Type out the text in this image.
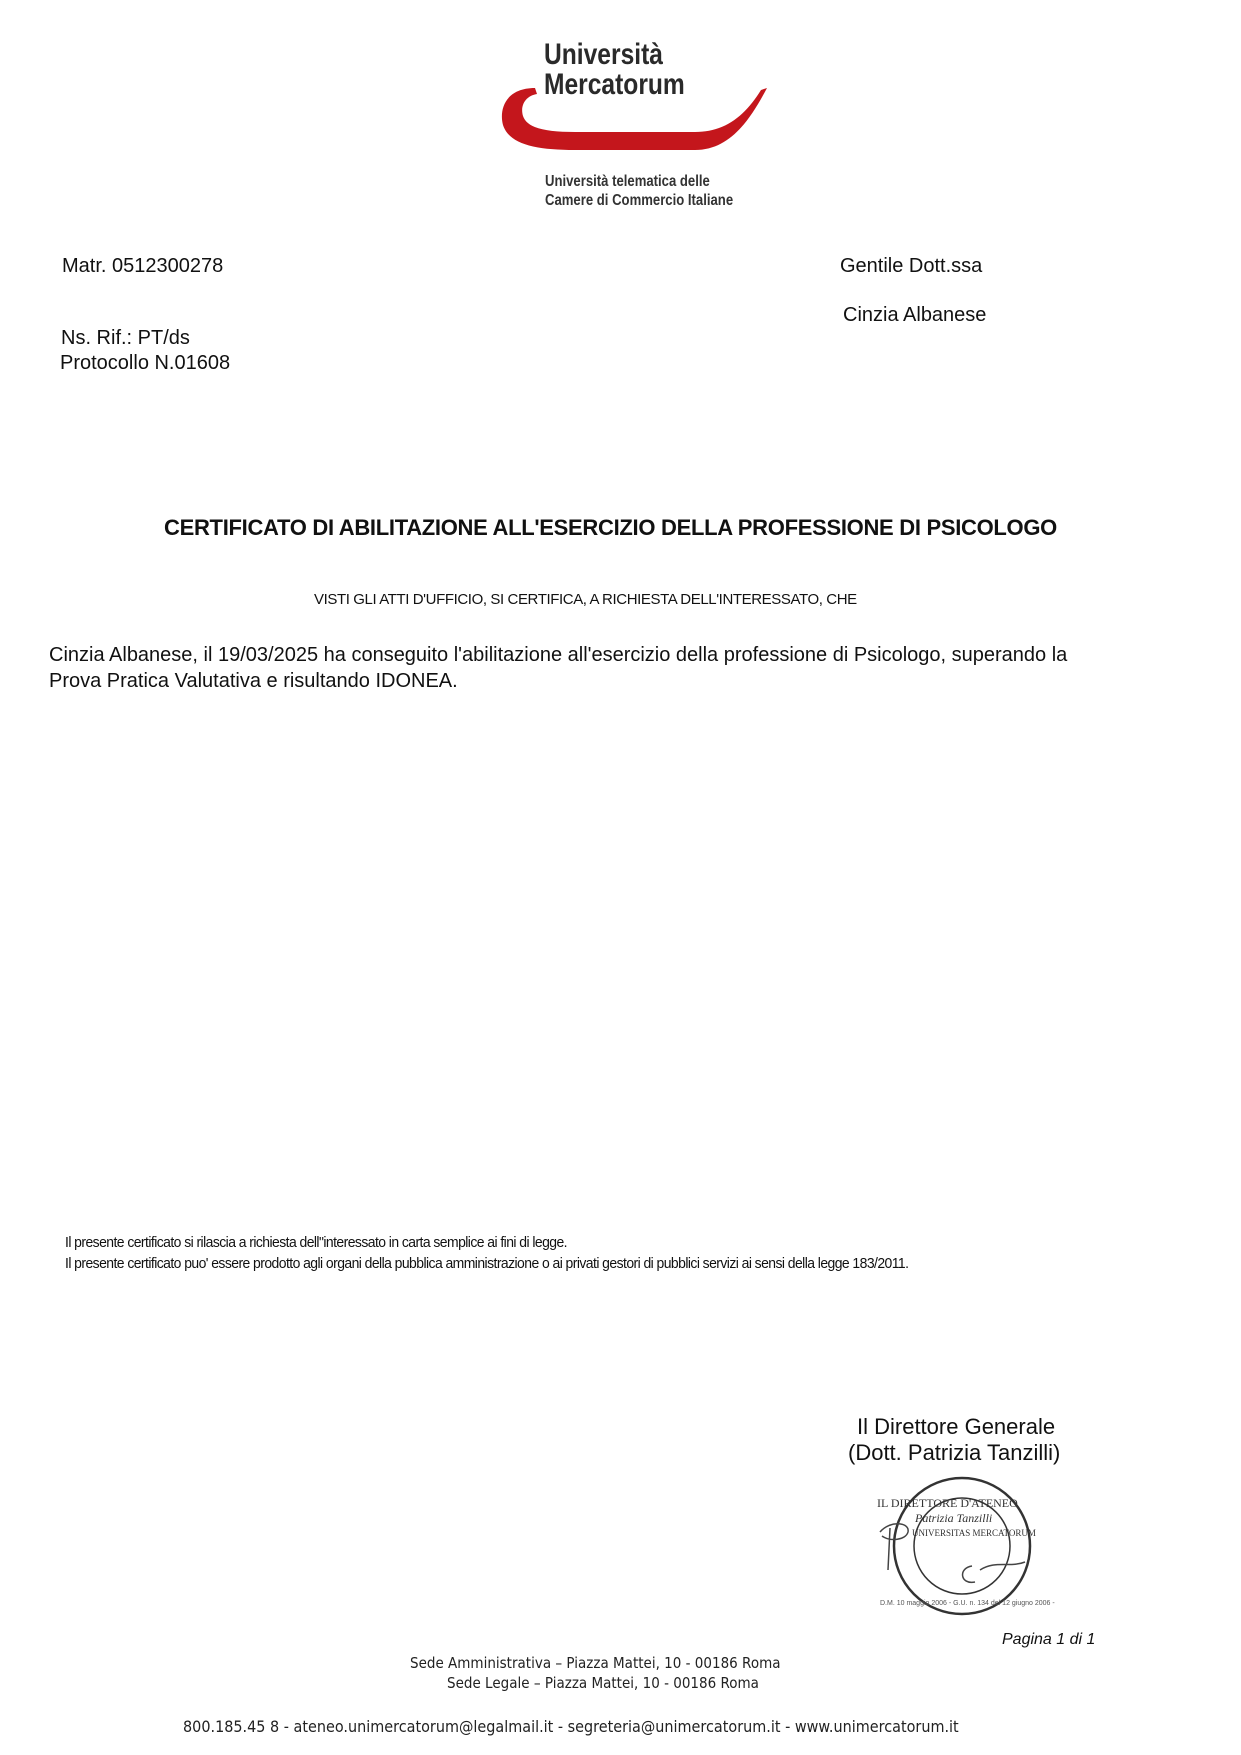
Università
Mercatorum
Università telematica delle
Camere di Commercio Italiane
Matr. 0512300278
Ns. Rif.: PT/ds
Protocollo N.01608
Gentile Dott.ssa
Cinzia Albanese
CERTIFICATO DI ABILITAZIONE ALL'ESERCIZIO DELLA PROFESSIONE DI PSICOLOGO
VISTI GLI ATTI D'UFFICIO, SI CERTIFICA, A RICHIESTA DELL'INTERESSATO, CHE
Cinzia Albanese, il 19/03/2025 ha conseguito l'abilitazione all'esercizio della professione di Psicologo, superando la
Prova Pratica Valutativa e risultando IDONEA.
Il presente certificato si rilascia a richiesta dell"interessato in carta semplice ai fini di legge.
Il presente certificato puo' essere prodotto agli organi della pubblica amministrazione o ai privati gestori di pubblici servizi ai sensi della legge 183/2011.
Il Direttore Generale
(Dott. Patrizia Tanzilli)
IL DIRETTORE D'ATENEO
Patrizia Tanzilli
UNIVERSITAS MERCATORUM
D.M. 10 maggio 2006 - G.U. n. 134 del 12 giugno 2006 -
Pagina 1 di 1
Sede Amministrativa – Piazza Mattei, 10 - 00186 Roma
Sede Legale – Piazza Mattei, 10 - 00186 Roma
800.185.45 8 - ateneo.unimercatorum@legalmail.it - segreteria@unimercatorum.it - www.unimercatorum.it
